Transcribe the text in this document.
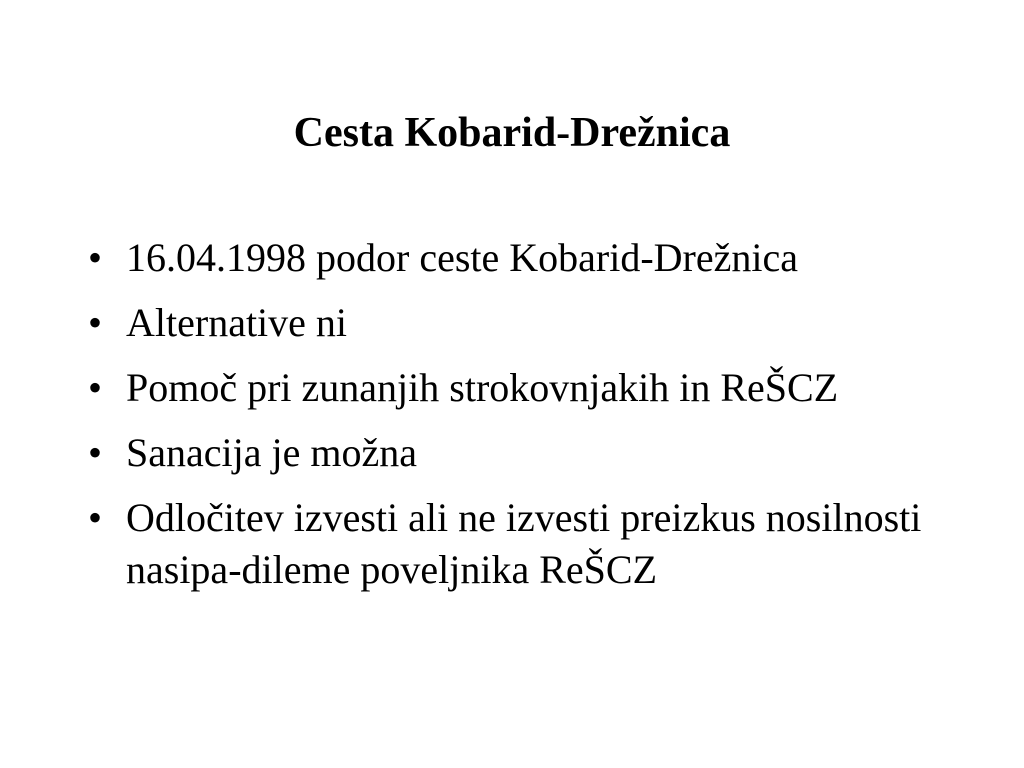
Cesta Kobarid-Drežnica
• 16.04.1998 podor ceste Kobarid-Drežnica
• Alternative ni
• Pomoč pri zunanjih strokovnjakih in ReŠCZ
• Sanacija je možna
• Odločitev izvesti ali ne izvesti preizkus nosilnosti nasipa-dileme poveljnika ReŠCZ
